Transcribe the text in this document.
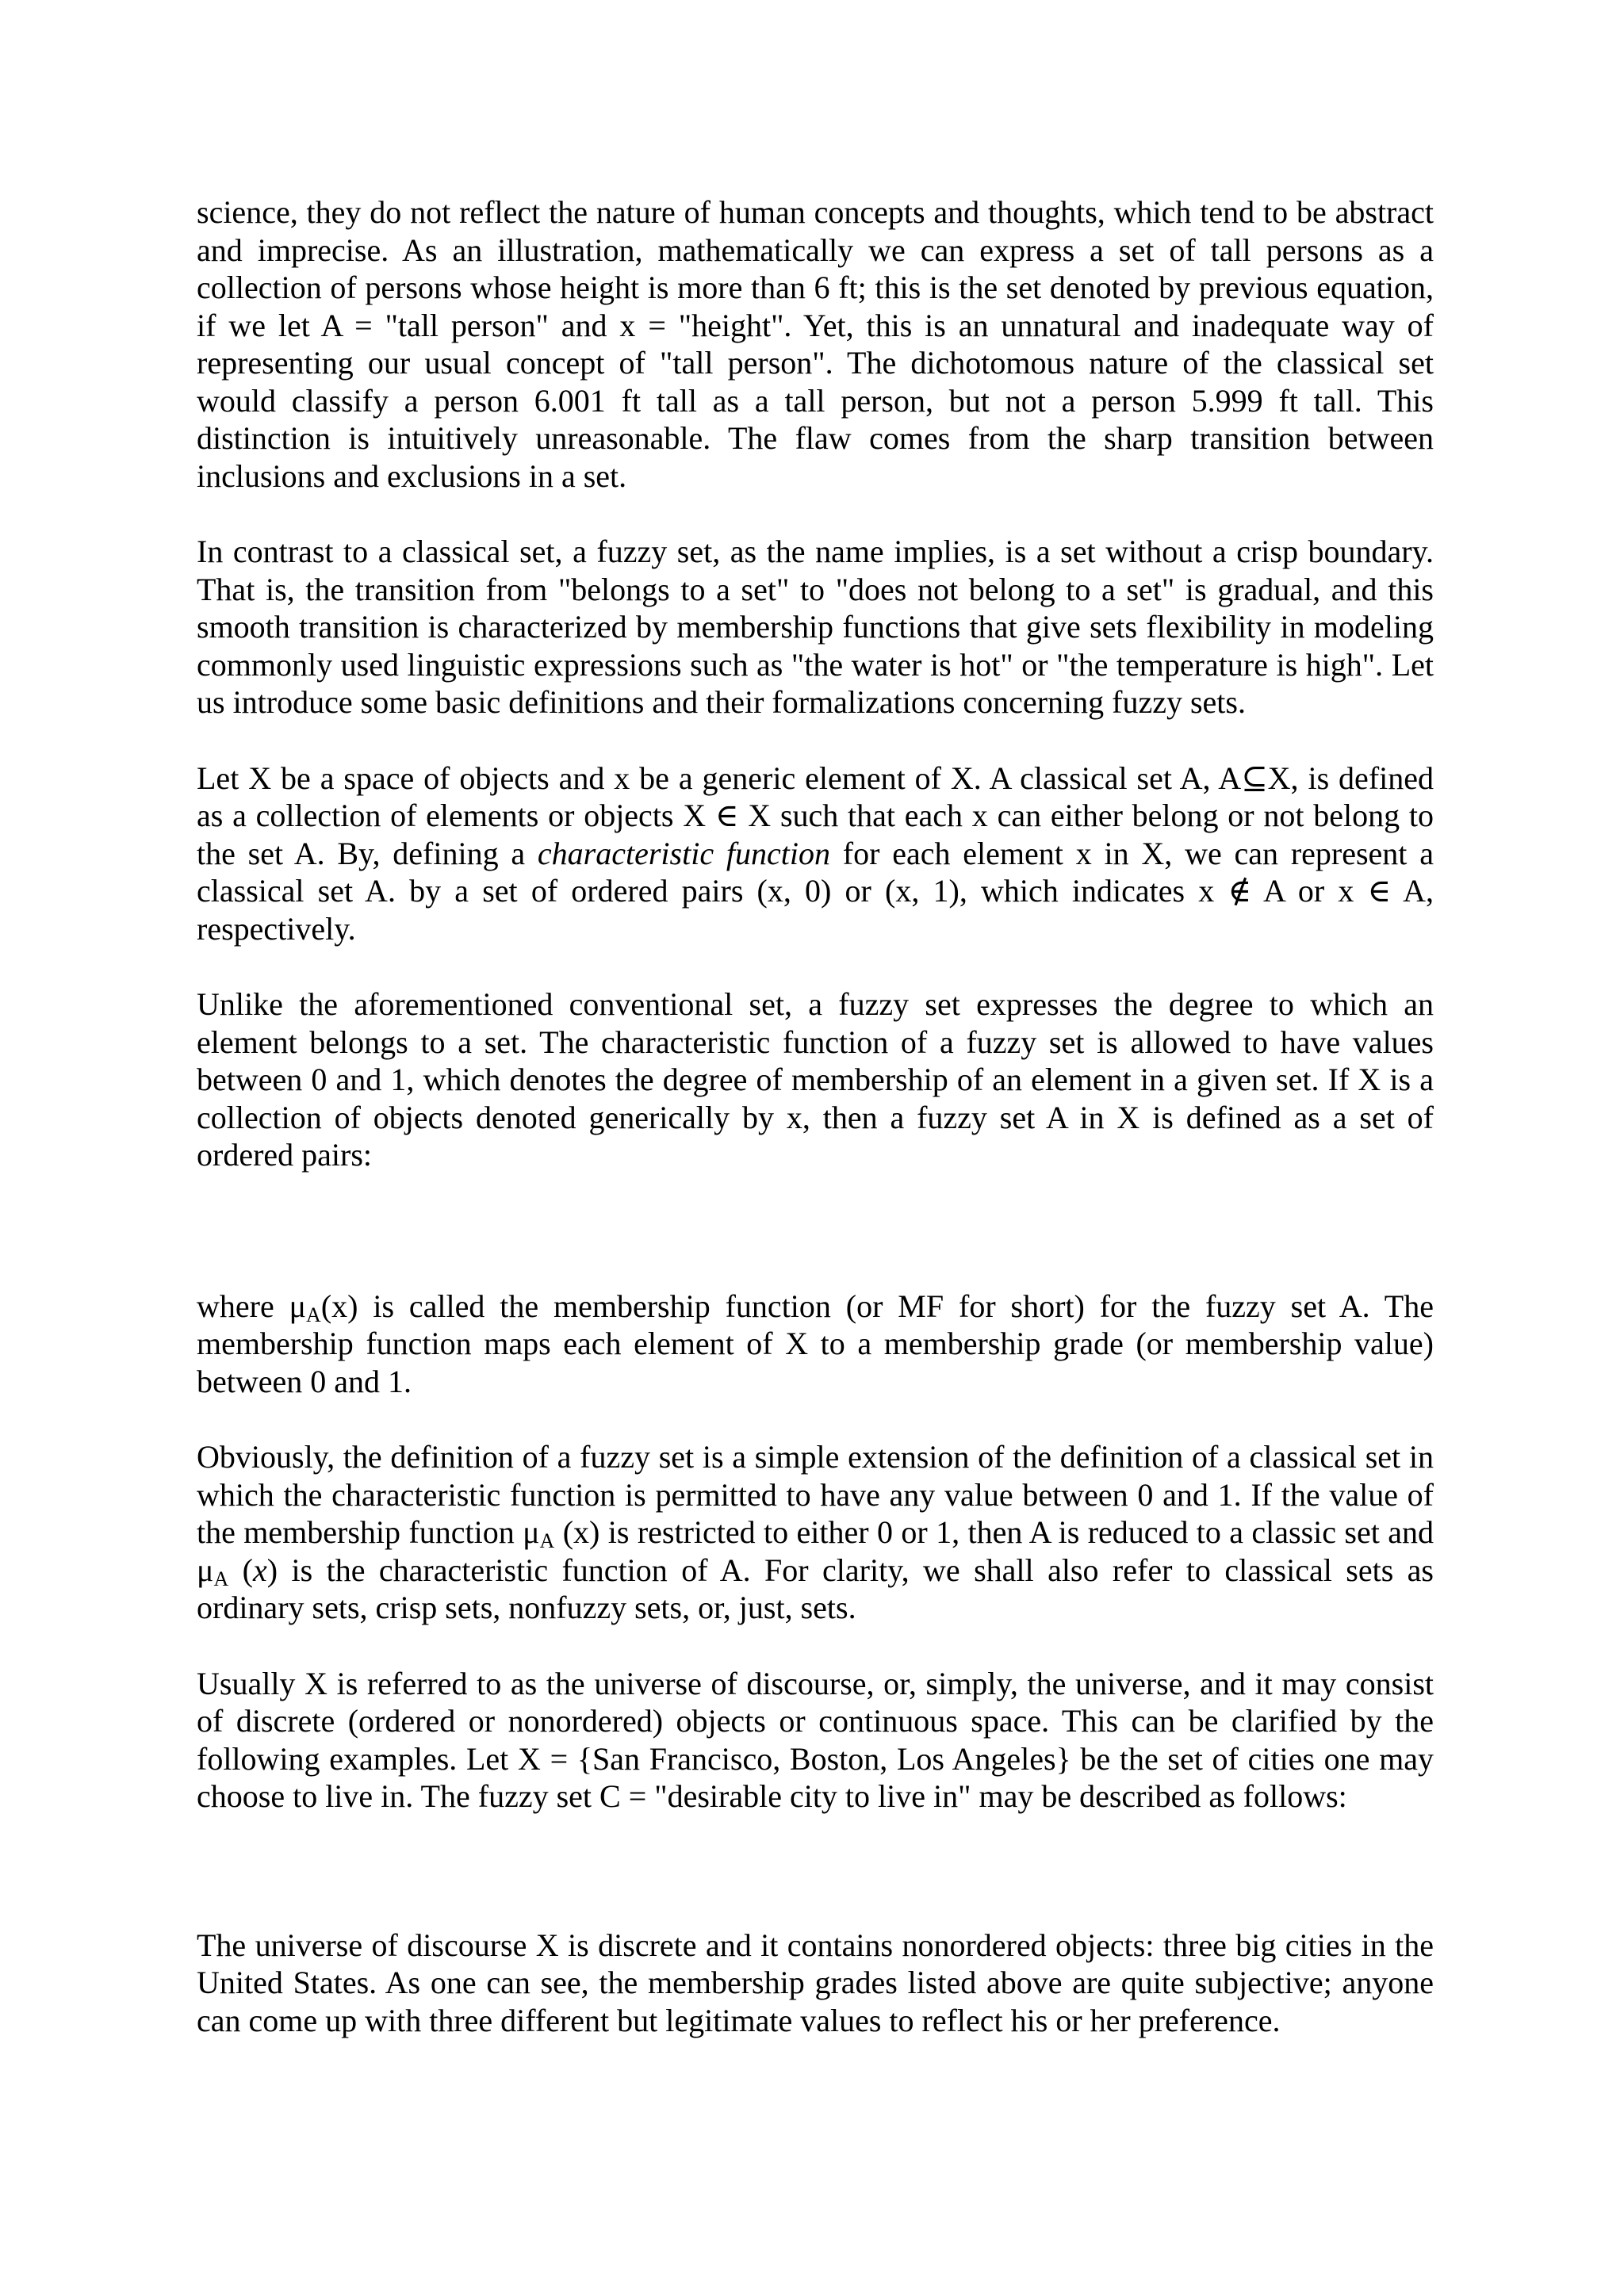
science, they do not reflect the nature of human concepts and thoughts, which tend to be abstract and imprecise. As an illustration, mathematically we can express a set of tall persons as a collection of persons whose height is more than 6 ft; this is the set denoted by previous equation, if we let A = "tall person" and x = "height". Yet, this is an unnatural and inadequate way of representing our usual concept of "tall person". The dichotomous nature of the classical set would classify a person 6.001 ft tall as a tall person, but not a person 5.999 ft tall. This distinction is intuitively unreasonable. The flaw comes from the sharp transition between inclusions and exclusions in a set.

In contrast to a classical set, a fuzzy set, as the name implies, is a set without a crisp boundary. That is, the transition from "belongs to a set" to "does not belong to a set" is gradual, and this smooth transition is characterized by membership functions that give sets flexibility in modeling commonly used linguistic expressions such as "the water is hot" or "the temperature is high". Let us introduce some basic definitions and their formalizations concerning fuzzy sets.

Let X be a space of objects and x be a generic element of X. A classical set A, A⊆X, is defined as a collection of elements or objects X ∈ X such that each x can either belong or not belong to the set A. By, defining a characteristic function for each element x in X, we can represent a classical set A. by a set of ordered pairs (x, 0) or (x, 1), which indicates x ∉ A or x ∈ A, respectively.

Unlike the aforementioned conventional set, a fuzzy set expresses the degree to which an element belongs to a set. The characteristic function of a fuzzy set is allowed to have values between 0 and 1, which denotes the degree of membership of an element in a given set. If X is a collection of objects denoted generically by x, then a fuzzy set A in X is defined as a set of ordered pairs:

where $\mu_A(x)$ is called the membership function (or MF for short) for the fuzzy set A. The membership function maps each element of X to a membership grade (or membership value) between 0 and 1.

Obviously, the definition of a fuzzy set is a simple extension of the definition of a classical set in which the characteristic function is permitted to have any value between 0 and 1. If the value of the membership function $\mu_A$ (x) is restricted to either 0 or 1, then A is reduced to a classic set and $\mu_A$ (x) is the characteristic function of A. For clarity, we shall also refer to classical sets as ordinary sets, crisp sets, nonfuzzy sets, or, just, sets.

Usually X is referred to as the universe of discourse, or, simply, the universe, and it may consist of discrete (ordered or nonordered) objects or continuous space. This can be clarified by the following examples. Let X = {San Francisco, Boston, Los Angeles} be the set of cities one may choose to live in. The fuzzy set C = "desirable city to live in" may be described as follows:

The universe of discourse X is discrete and it contains nonordered objects: three big cities in the United States. As one can see, the membership grades listed above are quite subjective; anyone can come up with three different but legitimate values to reflect his or her preference.
